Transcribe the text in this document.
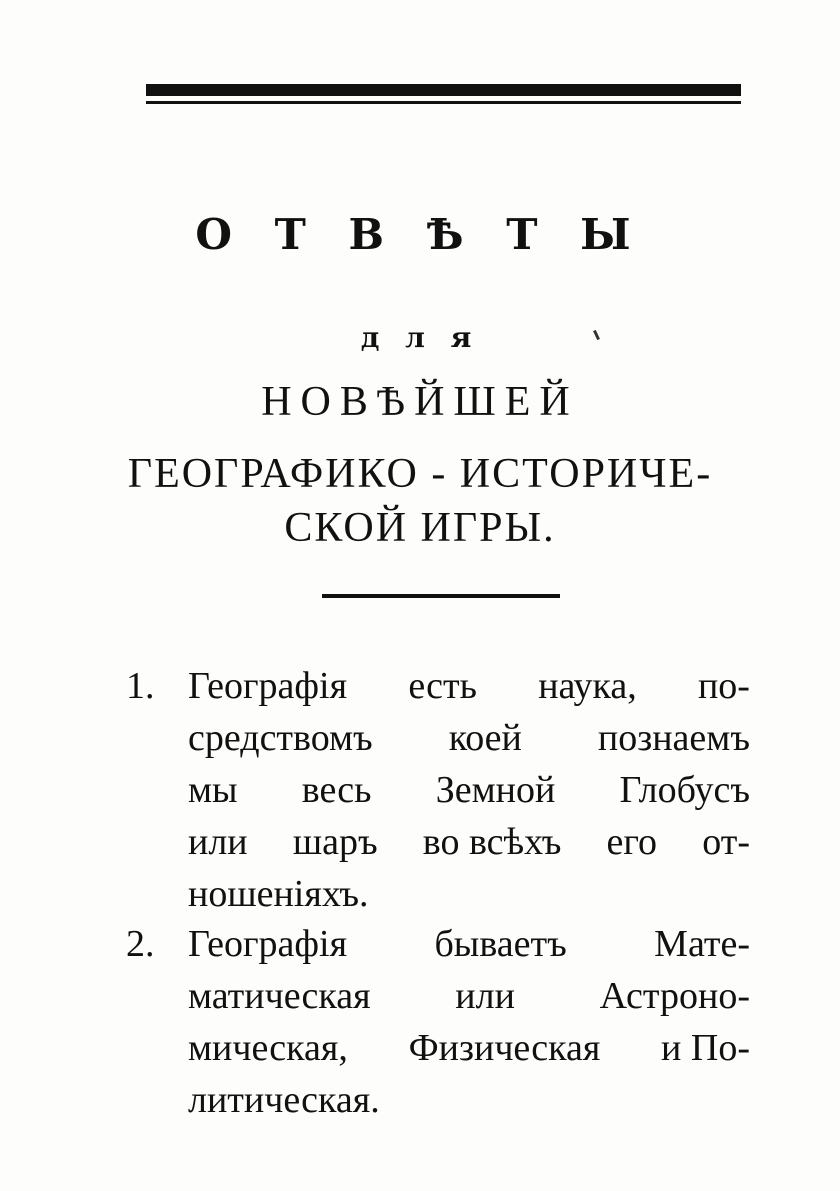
О Т В Ѣ Т Ы
д л я
НОВѢЙШЕЙ
ГЕОГРАФИКО - ИСТОРИЧЕ-
СКОЙ ИГРЫ.
1. Географія есть наука, по-
средствомъ коей познаемъ
мы весь Земной Глобусъ
или шаръ во всѣхъ его от-
ношеніяхъ.
2. Географія бываетъ Мате-
матическая или Астроно-
мическая, Физическая и По-
литическая.
